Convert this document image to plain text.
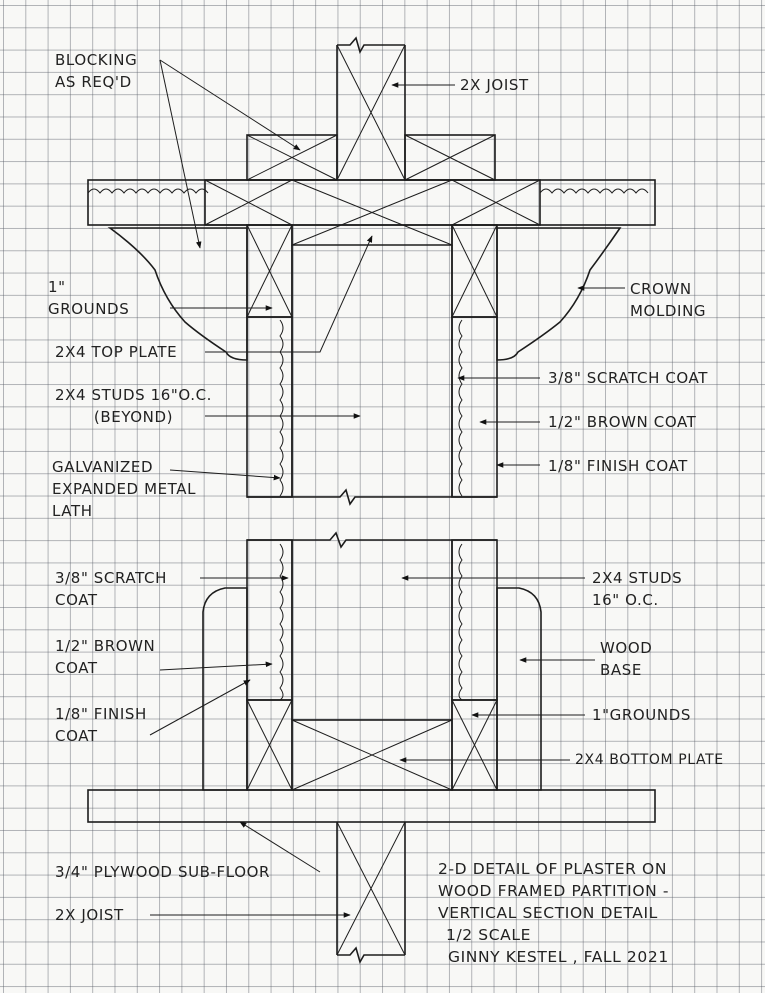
BLOCKING
AS REQ'D	2X JOIST
1"
GROUNDS
CROWN
MOLDING
2X4 TOP PLATE
2X4 STUDS 16"O.C.
(BEYOND)
GALVANIZED
EXPANDED METAL
LATH
3/8" SCRATCH COAT
1/2" BROWN COAT
1/8" FINISH COAT
3/8" SCRATCH
COAT
1/2" BROWN
COAT
1/8" FINISH
COAT
2X4 STUDS
16" O.C.
WOOD
BASE
1"GROUNDS
2X4 BOTTOM PLATE
3/4" PLYWOOD SUB-FLOOR
2X JOIST
2-D DETAIL OF PLASTER ON
WOOD FRAMED PARTITION -
VERTICAL SECTION DETAIL
1/2 SCALE
GINNY KESTEL , FALL 2021
